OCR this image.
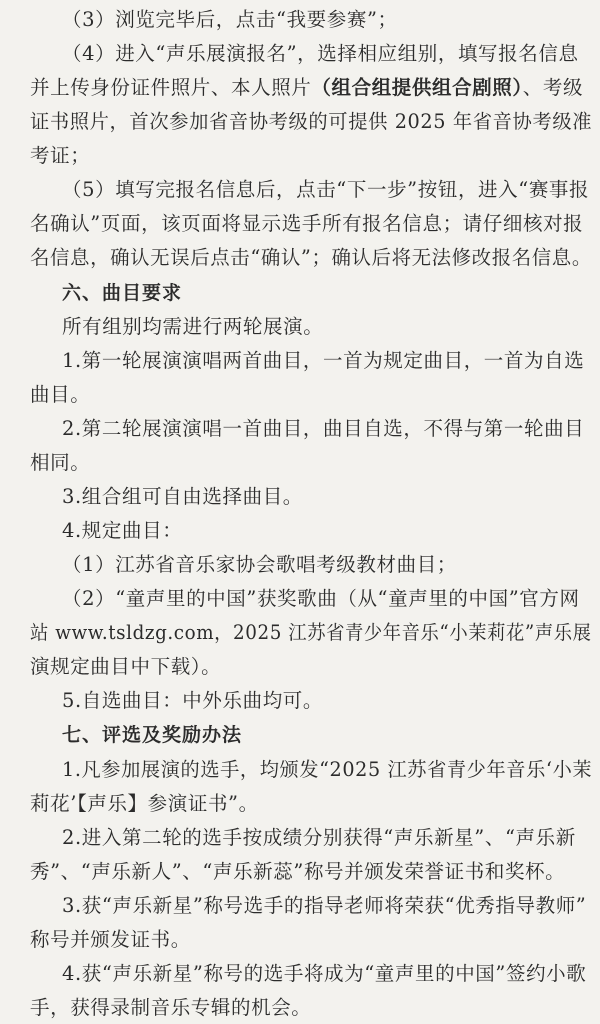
（3）浏览完毕后，点击“我要参赛”；
（4）进入“声乐展演报名”，选择相应组别，填写报名信息
并上传身份证件照片、本人照片（组合组提供组合剧照）、考级
证书照片，首次参加省音协考级的可提供 2025 年省音协考级准
考证；
（5）填写完报名信息后，点击“下一步”按钮，进入“赛事报
名确认”页面，该页面将显示选手所有报名信息；请仔细核对报
名信息，确认无误后点击“确认”；确认后将无法修改报名信息。
六、曲目要求
所有组别均需进行两轮展演。
1.第一轮展演演唱两首曲目，一首为规定曲目，一首为自选
曲目。
2.第二轮展演演唱一首曲目，曲目自选，不得与第一轮曲目
相同。
3.组合组可自由选择曲目。
4.规定曲目：
（1）江苏省音乐家协会歌唱考级教材曲目；
（2）“童声里的中国”获奖歌曲（从“童声里的中国”官方网
站 www.tsldzg.com，2025 江苏省青少年音乐“小茉莉花”声乐展
演规定曲目中下载）。
5.自选曲目：中外乐曲均可。
七、评选及奖励办法
1.凡参加展演的选手，均颁发“2025 江苏省青少年音乐‘小茉
莉花’【声乐】参演证书”。
2.进入第二轮的选手按成绩分别获得“声乐新星”、“声乐新
秀”、“声乐新人”、“声乐新蕊”称号并颁发荣誉证书和奖杯。
3.获“声乐新星”称号选手的指导老师将荣获“优秀指导教师”
称号并颁发证书。
4.获“声乐新星”称号的选手将成为“童声里的中国”签约小歌
手，获得录制音乐专辑的机会。
